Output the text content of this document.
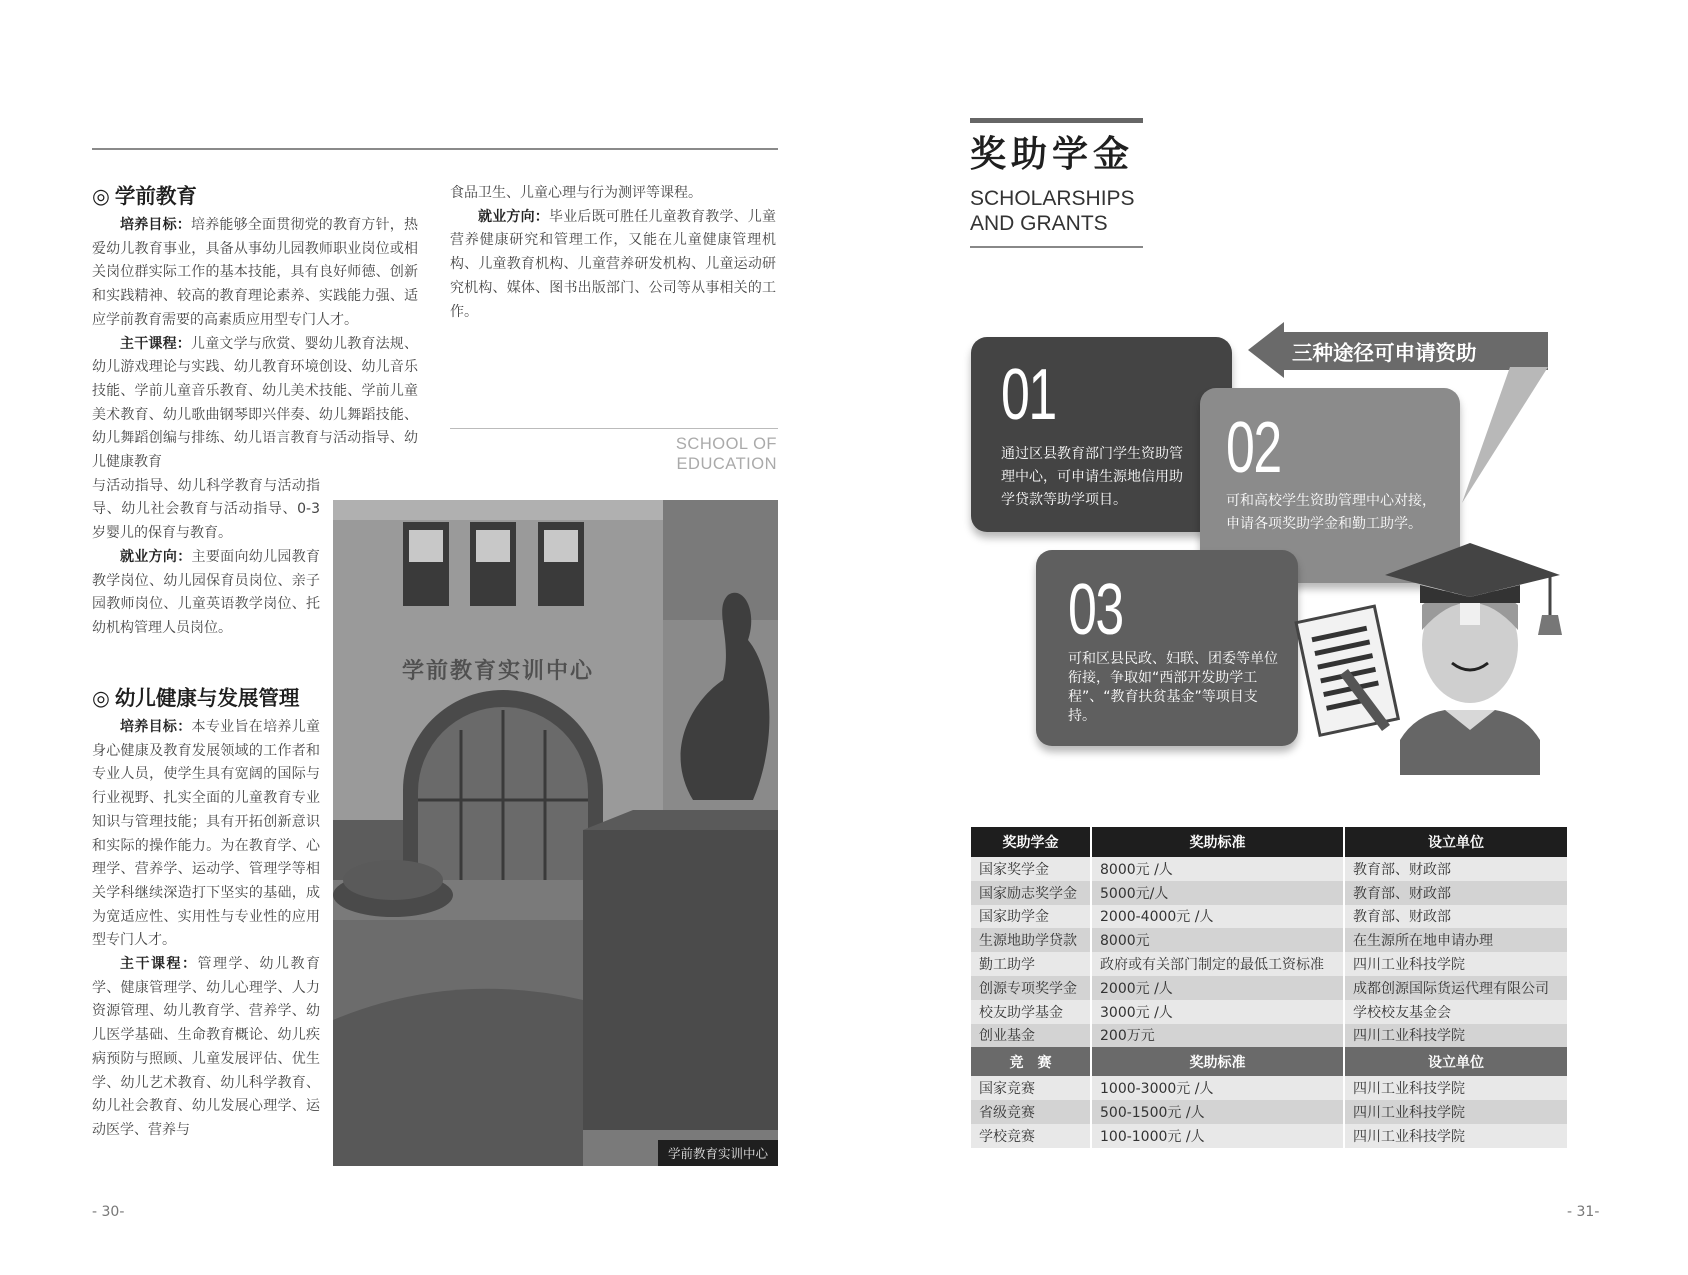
◎ 学前教育

培养目标：培养能够全面贯彻党的教育方针，热爱幼儿教育事业，具备从事幼儿园教师职业岗位或相关岗位群实际工作的基本技能，具有良好师德、创新和实践精神、较高的教育理论素养、实践能力强、适应学前教育需要的高素质应用型专门人才。

主干课程：儿童文学与欣赏、婴幼儿教育法规、幼儿游戏理论与实践、幼儿教育环境创设、幼儿音乐技能、学前儿童音乐教育、幼儿美术技能、学前儿童美术教育、幼儿歌曲钢琴即兴伴奏、幼儿舞蹈技能、幼儿舞蹈创编与排练、幼儿语言教育与活动指导、幼儿健康教育

与活动指导、幼儿科学教育与活动指导、幼儿社会教育与活动指导、0-3岁婴儿的保育与教育。

就业方向：主要面向幼儿园教育教学岗位、幼儿园保育员岗位、亲子园教师岗位、儿童英语教学岗位、托幼机构管理人员岗位。

◎ 幼儿健康与发展管理

培养目标：本专业旨在培养儿童身心健康及教育发展领域的工作者和专业人员，使学生具有宽阔的国际与行业视野、扎实全面的儿童教育专业知识与管理技能；具有开拓创新意识和实际的操作能力。为在教育学、心理学、营养学、运动学、管理学等相关学科继续深造打下坚实的基础，成为宽适应性、实用性与专业性的应用型专门人才。

主干课程：管理学、幼儿教育学、健康管理学、幼儿心理学、人力资源管理、幼儿教育学、营养学、幼儿医学基础、生命教育概论、幼儿疾病预防与照顾、儿童发展评估、优生学、幼儿艺术教育、幼儿科学教育、幼儿社会教育、幼儿发展心理学、运动医学、营养与

食品卫生、儿童心理与行为测评等课程。

就业方向：毕业后既可胜任儿童教育教学、儿童营养健康研究和管理工作，又能在儿童健康管理机构、儿童教育机构、儿童营养研发机构、儿童运动研究机构、媒体、图书出版部门、公司等从事相关的工作。

SCHOOL OF
EDUCATION
学前教育实训中心
学前教育实训中心
- 30-
奖助学金
SCHOLARSHIPS
AND GRANTS
三种途径可申请资助
01
通过区县教育部门学生资助管理中心，可申请生源地信用助学贷款等助学项目。
02
可和高校学生资助管理中心对接，申请各项奖助学金和勤工助学。
03
可和区县民政、妇联、团委等单位衔接，争取如“西部开发助学工程”、“教育扶贫基金”等项目支持。
奖助学金	奖助标准	设立单位
国家奖学金	8000元 /人	教育部、财政部
国家励志奖学金	5000元/人	教育部、财政部
国家助学金	2000-4000元 /人	教育部、财政部
生源地助学贷款	8000元	在生源所在地申请办理
勤工助学	政府或有关部门制定的最低工资标准	四川工业科技学院
创源专项奖学金	2000元 /人	成都创源国际货运代理有限公司
校友助学基金	3000元 /人	学校校友基金会
创业基金	200万元	四川工业科技学院
竞　赛	奖助标准	设立单位
国家竞赛	1000-3000元 /人	四川工业科技学院
省级竞赛	500-1500元 /人	四川工业科技学院
学校竞赛	100-1000元 /人	四川工业科技学院
- 31-
